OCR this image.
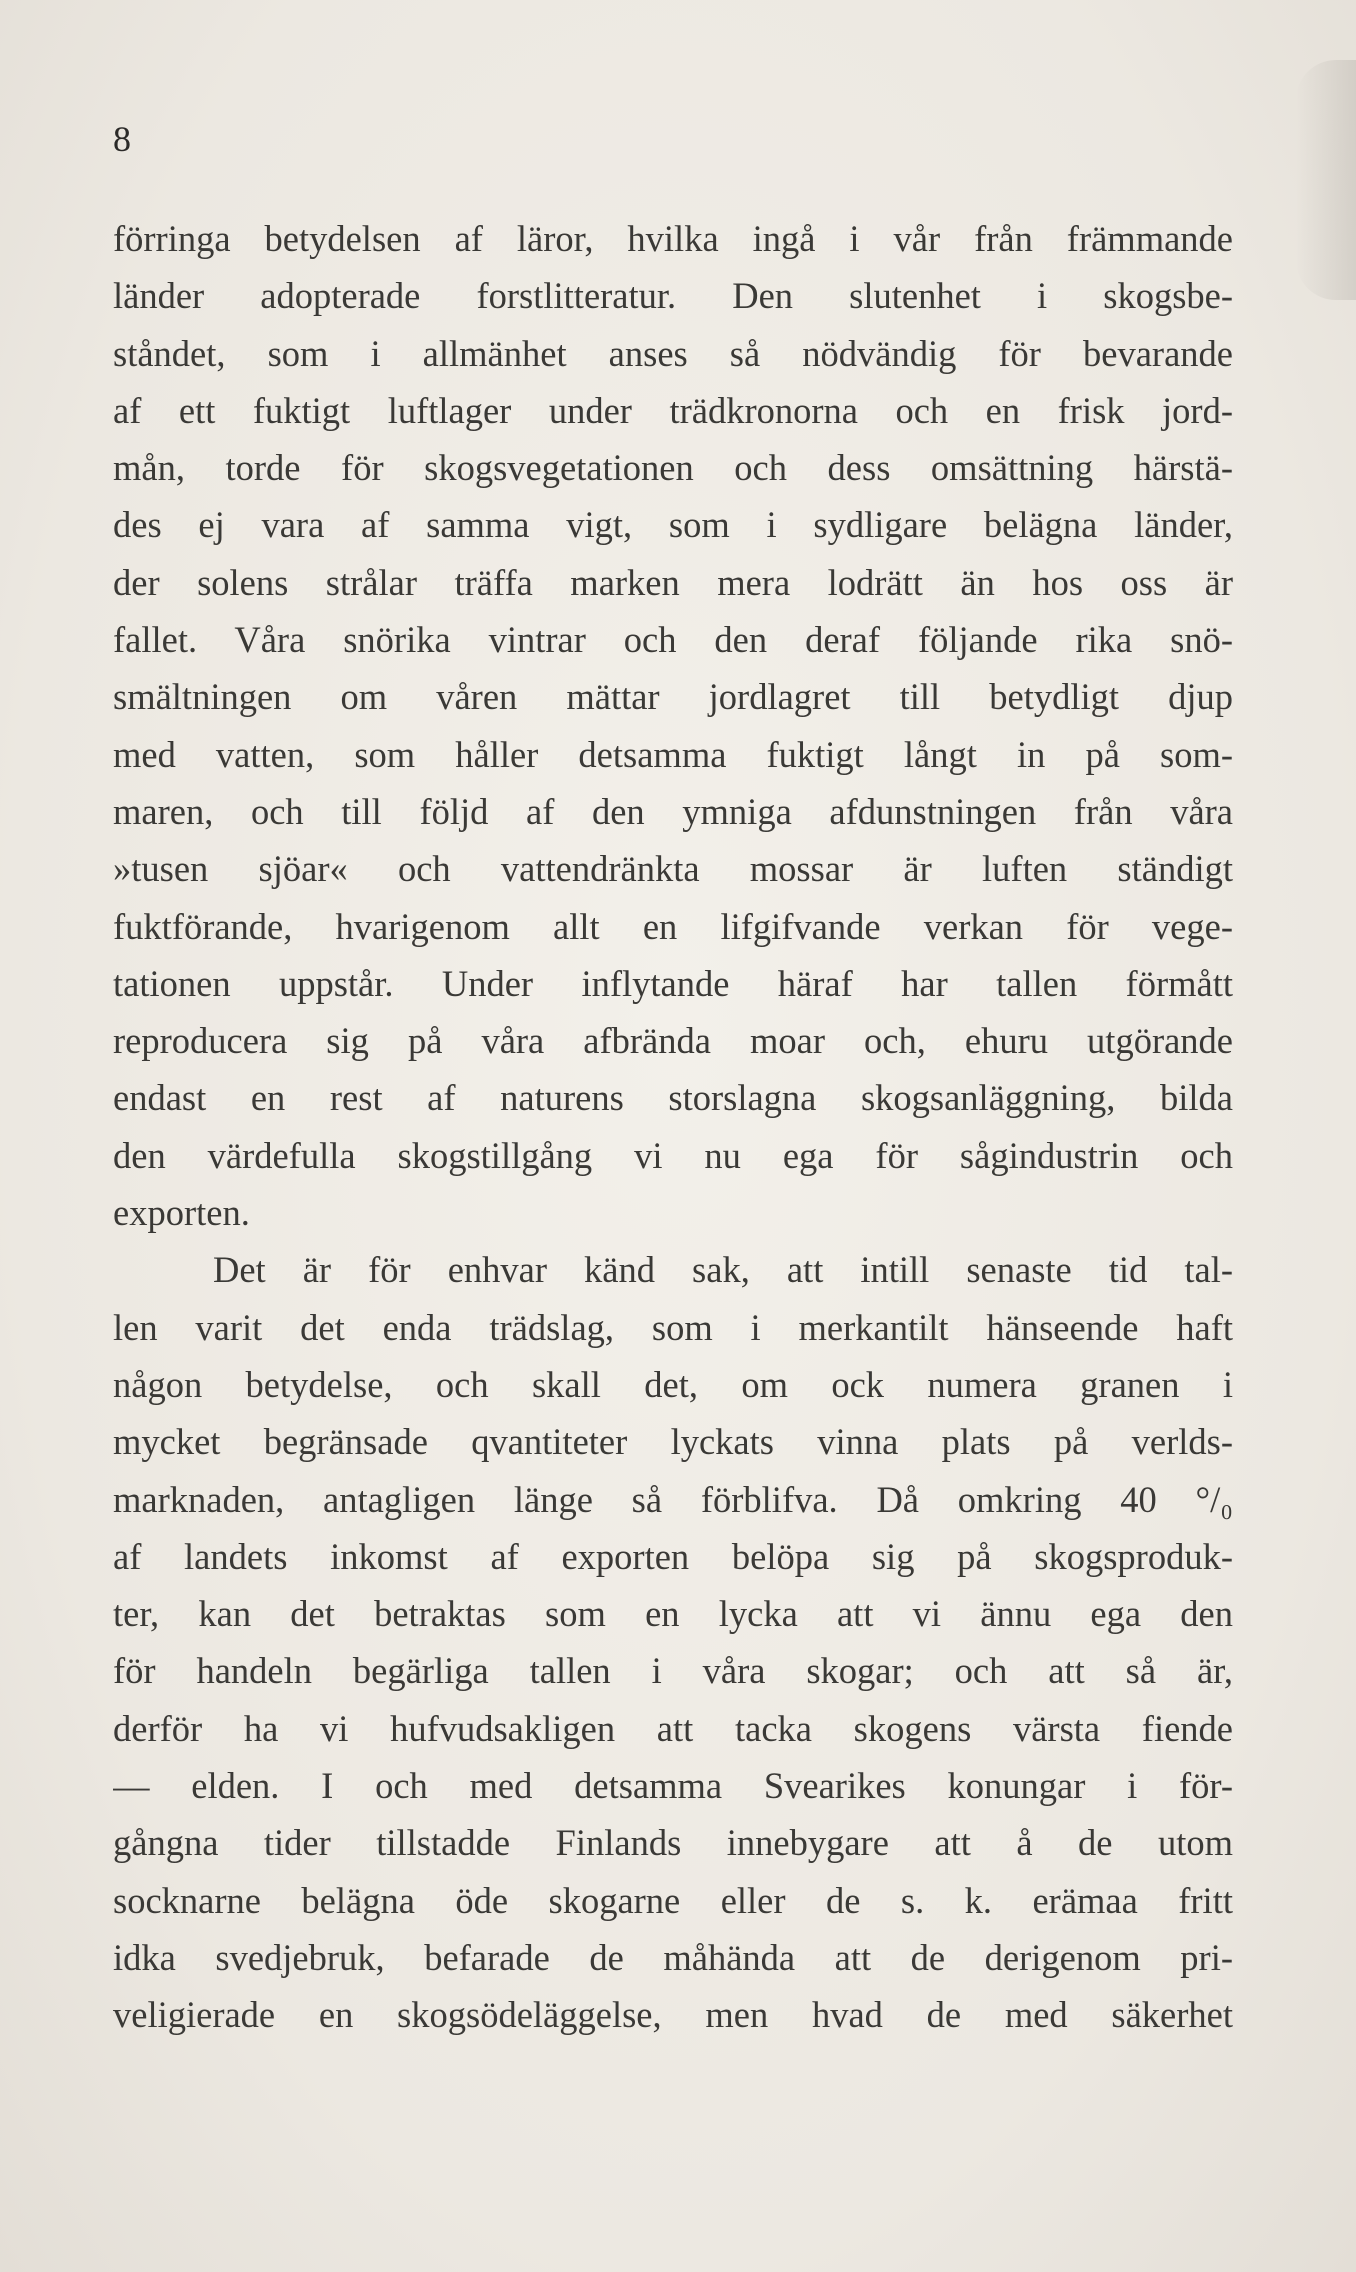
8
förringa betydelsen af läror, hvilka ingå i vår från främmande
länder adopterade forstlitteratur. Den slutenhet i skogsbe-
ståndet, som i allmänhet anses så nödvändig för bevarande
af ett fuktigt luftlager under trädkronorna och en frisk jord-
mån, torde för skogsvegetationen och dess omsättning härstä-
des ej vara af samma vigt, som i sydligare belägna länder,
der solens strålar träffa marken mera lodrätt än hos oss är
fallet. Våra snörika vintrar och den deraf följande rika snö-
smältningen om våren mättar jordlagret till betydligt djup
med vatten, som håller detsamma fuktigt långt in på som-
maren, och till följd af den ymniga afdunstningen från våra
»tusen sjöar« och vattendränkta mossar är luften ständigt
fuktförande, hvarigenom allt en lifgifvande verkan för vege-
tationen uppstår. Under inflytande häraf har tallen förmått
reproducera sig på våra afbrända moar och, ehuru utgörande
endast en rest af naturens storslagna skogsanläggning, bilda
den värdefulla skogstillgång vi nu ega för sågindustrin och
exporten.
Det är för enhvar känd sak, att intill senaste tid tal-
len varit det enda trädslag, som i merkantilt hänseende haft
någon betydelse, och skall det, om ock numera granen i
mycket begränsade qvantiteter lyckats vinna plats på verlds-
marknaden, antagligen länge så förblifva. Då omkring 40 °/₀
af landets inkomst af exporten belöpa sig på skogsproduk-
ter, kan det betraktas som en lycka att vi ännu ega den
för handeln begärliga tallen i våra skogar; och att så är,
derför ha vi hufvudsakligen att tacka skogens värsta fiende
— elden. I och med detsamma Svearikes konungar i för-
gångna tider tillstadde Finlands innebygare att å de utom
socknarne belägna öde skogarne eller de s. k. erämaa fritt
idka svedjebruk, befarade de måhända att de derigenom pri-
veligierade en skogsödeläggelse, men hvad de med säkerhet
